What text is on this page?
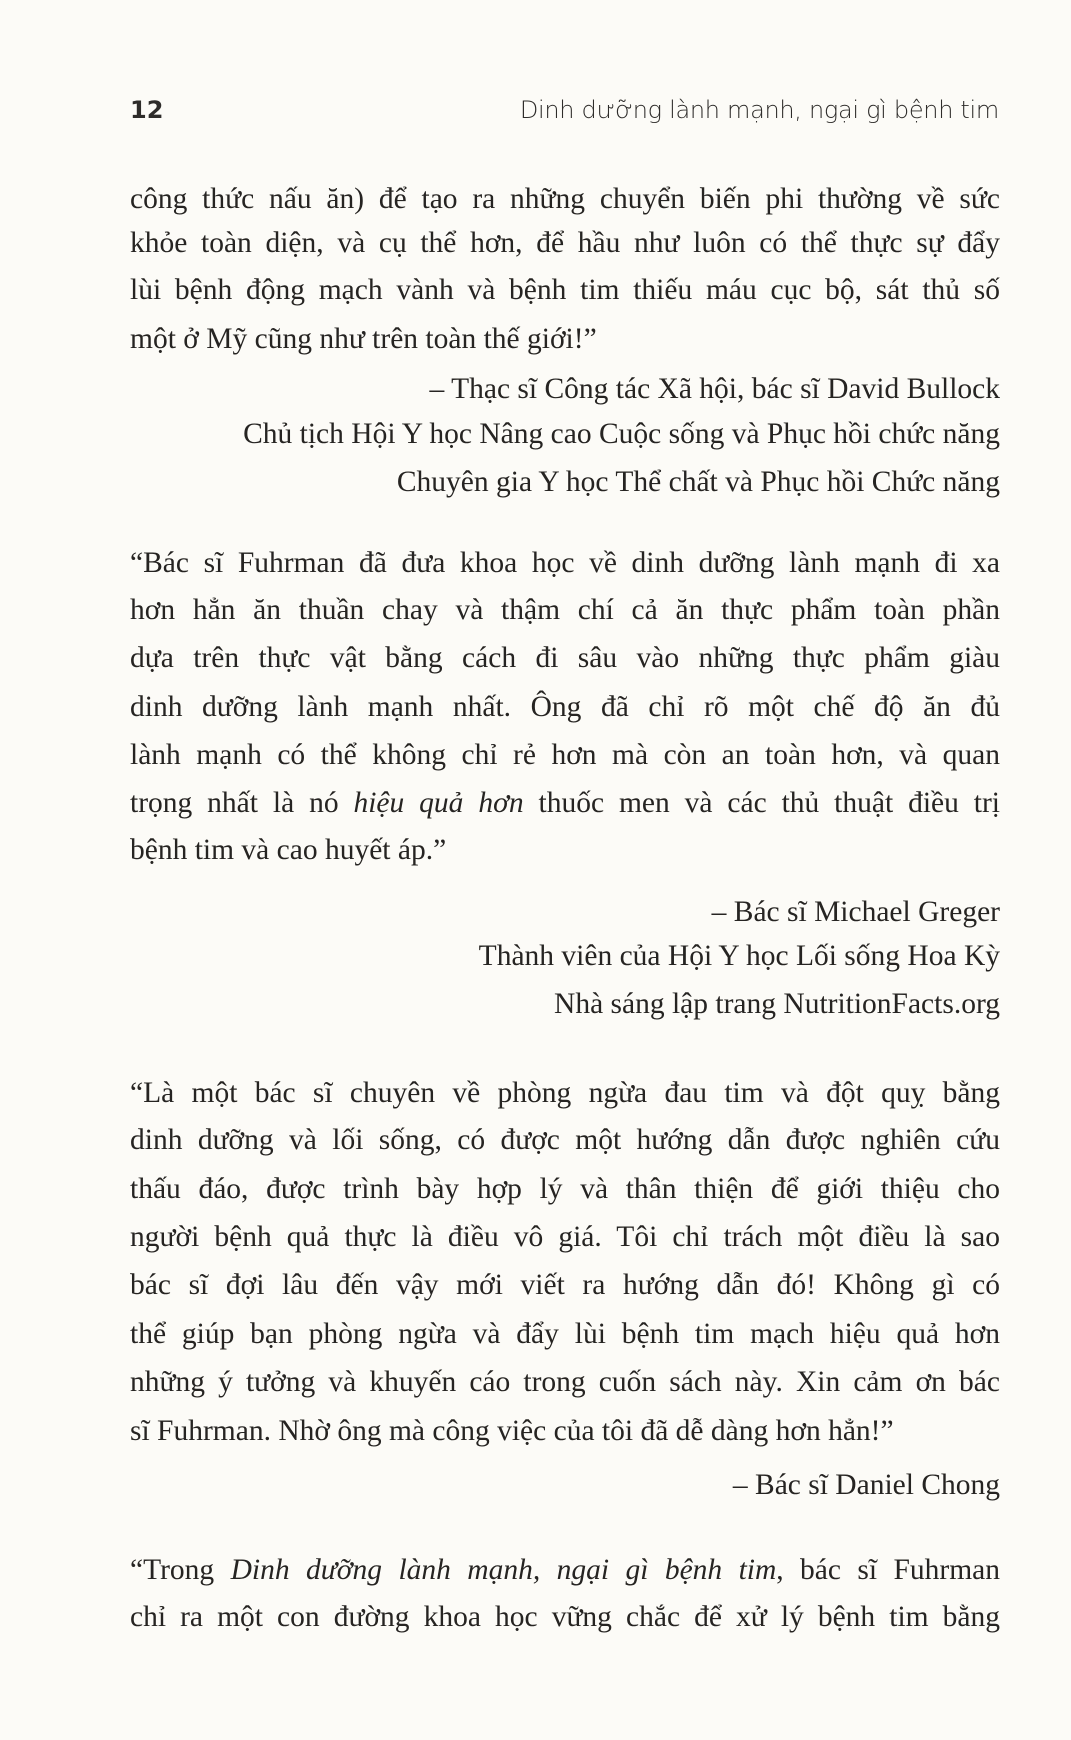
12	Dinh dưỡng lành mạnh, ngại gì bệnh tim
công thức nấu ăn) để tạo ra những chuyển biến phi thường về sức
khỏe toàn diện, và cụ thể hơn, để hầu như luôn có thể thực sự đẩy
lùi bệnh động mạch vành và bệnh tim thiếu máu cục bộ, sát thủ số
một ở Mỹ cũng như trên toàn thế giới!”
– Thạc sĩ Công tác Xã hội, bác sĩ David Bullock
Chủ tịch Hội Y học Nâng cao Cuộc sống và Phục hồi chức năng
Chuyên gia Y học Thể chất và Phục hồi Chức năng
“Bác sĩ Fuhrman đã đưa khoa học về dinh dưỡng lành mạnh đi xa
hơn hẳn ăn thuần chay và thậm chí cả ăn thực phẩm toàn phần
dựa trên thực vật bằng cách đi sâu vào những thực phẩm giàu
dinh dưỡng lành mạnh nhất. Ông đã chỉ rõ một chế độ ăn đủ
lành mạnh có thể không chỉ rẻ hơn mà còn an toàn hơn, và quan
trọng nhất là nó hiệu quả hơn thuốc men và các thủ thuật điều trị
bệnh tim và cao huyết áp.”
– Bác sĩ Michael Greger
Thành viên của Hội Y học Lối sống Hoa Kỳ
Nhà sáng lập trang NutritionFacts.org
“Là một bác sĩ chuyên về phòng ngừa đau tim và đột quỵ bằng
dinh dưỡng và lối sống, có được một hướng dẫn được nghiên cứu
thấu đáo, được trình bày hợp lý và thân thiện để giới thiệu cho
người bệnh quả thực là điều vô giá. Tôi chỉ trách một điều là sao
bác sĩ đợi lâu đến vậy mới viết ra hướng dẫn đó! Không gì có
thể giúp bạn phòng ngừa và đẩy lùi bệnh tim mạch hiệu quả hơn
những ý tưởng và khuyến cáo trong cuốn sách này. Xin cảm ơn bác
sĩ Fuhrman. Nhờ ông mà công việc của tôi đã dễ dàng hơn hẳn!”
– Bác sĩ Daniel Chong
“Trong Dinh dưỡng lành mạnh, ngại gì bệnh tim, bác sĩ Fuhrman
chỉ ra một con đường khoa học vững chắc để xử lý bệnh tim bằng
